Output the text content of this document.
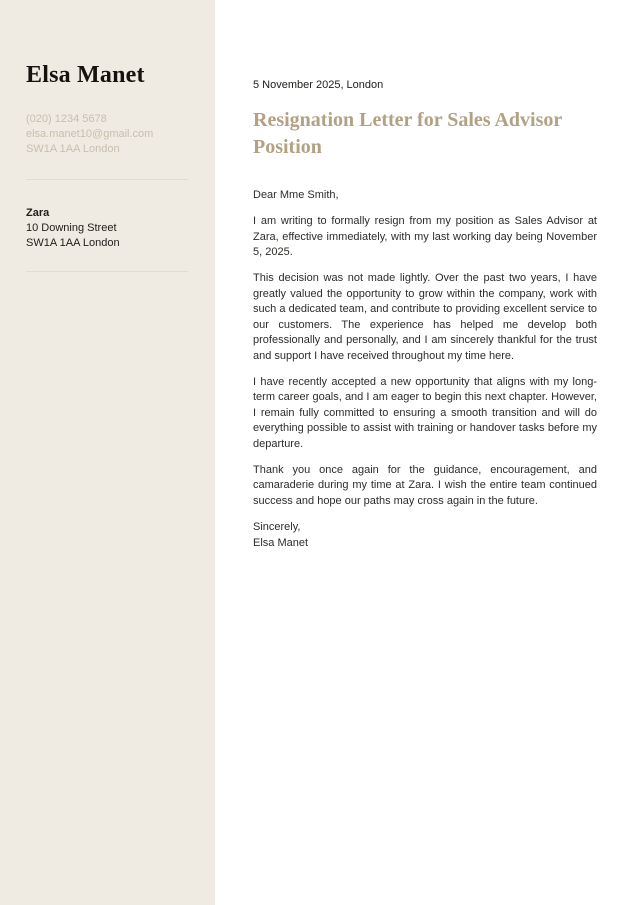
Elsa Manet
(020) 1234 5678
elsa.manet10@gmail.com
SW1A 1AA London
Zara
10 Downing Street
SW1A 1AA London
5 November 2025, London
Resignation Letter for Sales Advisor Position

Dear Mme Smith,

I am writing to formally resign from my position as Sales Advisor at Zara, effective immediately, with my last working day being November 5, 2025.

This decision was not made lightly. Over the past two years, I have greatly valued the opportunity to grow within the company, work with such a dedicated team, and contribute to providing excellent service to our customers. The experience has helped me develop both professionally and personally, and I am sincerely thankful for the trust and support I have received throughout my time here.

I have recently accepted a new opportunity that aligns with my long-term career goals, and I am eager to begin this next chapter. However, I remain fully committed to ensuring a smooth transition and will do everything possible to assist with training or handover tasks before my departure.

Thank you once again for the guidance, encouragement, and camaraderie during my time at Zara. I wish the entire team continued success and hope our paths may cross again in the future.

Sincerely,
Elsa Manet
